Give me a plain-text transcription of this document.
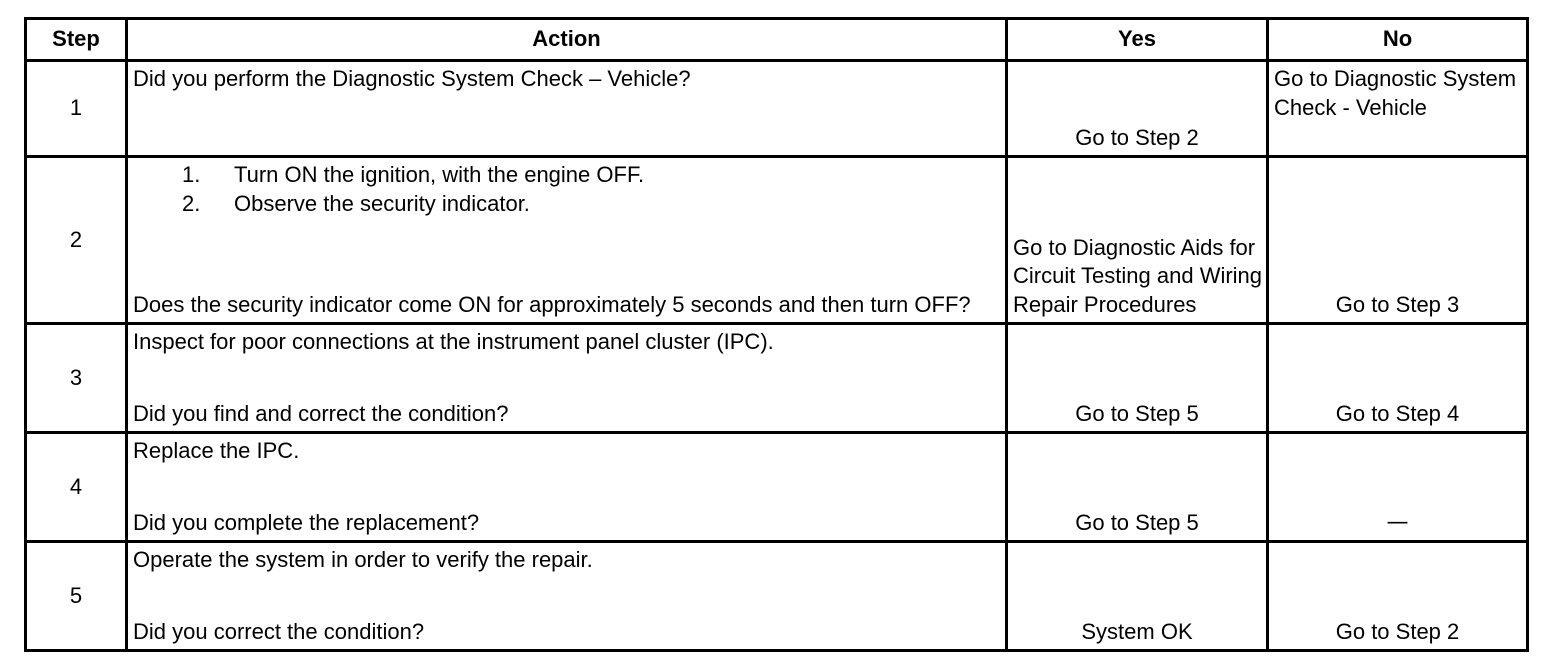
Step	Action	Yes	No
1	Did you perform the Diagnostic System Check – Vehicle?	Go to Step 2	Go to Diagnostic System Check - Vehicle

2	1. Turn ON the ignition, with the engine OFF.
2. Observe the security indicator.
Does the security indicator come ON for approximately 5 seconds and then turn OFF?	Go to Diagnostic Aids for Circuit Testing and Wiring Repair Procedures	Go to Step 3

3	Inspect for poor connections at the instrument panel cluster (IPC).
Did you find and correct the condition?	Go to Step 5	Go to Step 4

4	Replace the IPC.
Did you complete the replacement?	Go to Step 5	—

5	Operate the system in order to verify the repair.
Did you correct the condition?	System OK	Go to Step 2
